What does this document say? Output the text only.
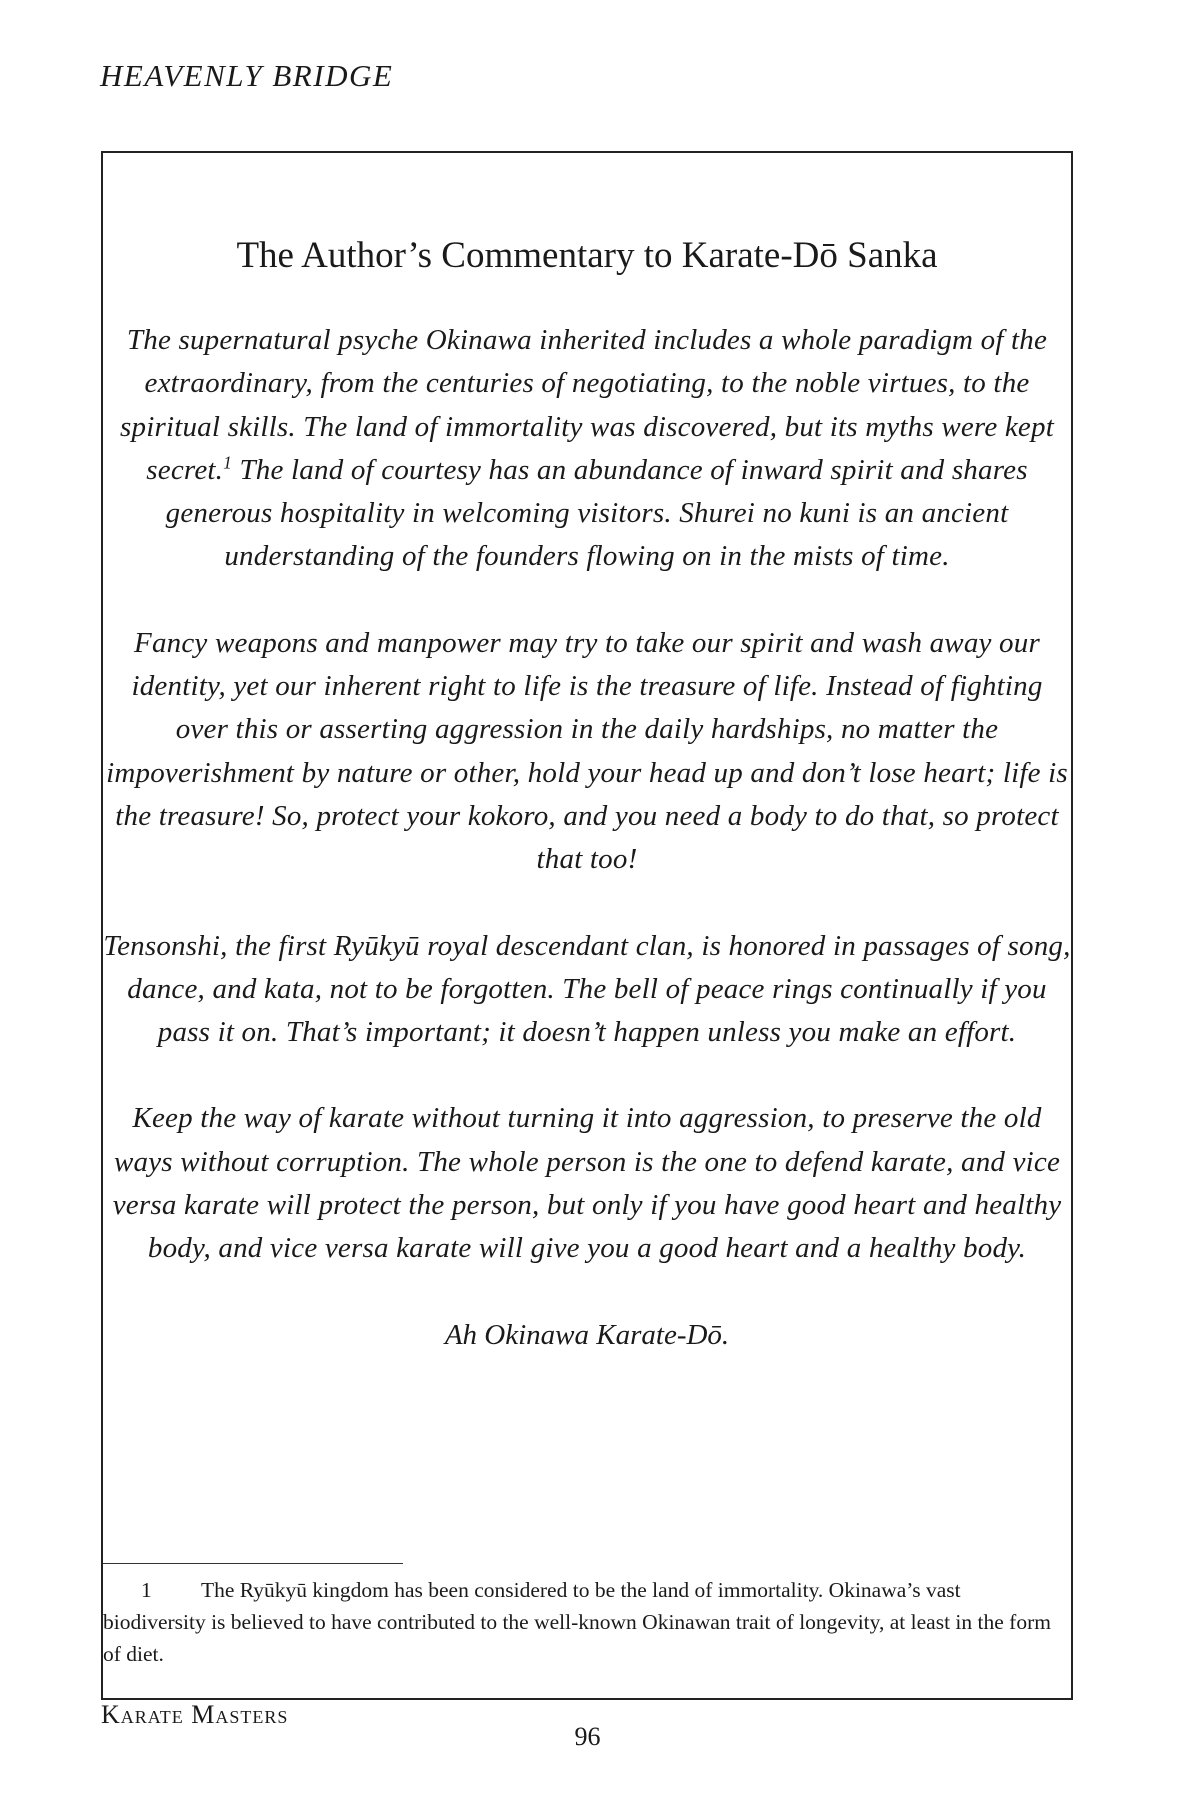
HEAVENLY BRIDGE
The Author’s Commentary to Karate-Dō Sanka

The supernatural psyche Okinawa inherited includes a whole paradigm of the extraordinary, from the centuries of negotiating, to the noble virtues, to the spiritual skills. The land of immortality was discovered, but its myths were kept secret.$^1$ The land of courtesy has an abundance of inward spirit and shares generous hospitality in welcoming visitors. Shurei no kuni is an ancient understanding of the founders flowing on in the mists of time.

Fancy weapons and manpower may try to take our spirit and wash away our identity, yet our inherent right to life is the treasure of life. Instead of fighting over this or asserting aggression in the daily hardships, no matter the impoverishment by nature or other, hold your head up and don’t lose heart; life is the treasure! So, protect your kokoro, and you need a body to do that, so protect that too!

Tensonshi, the first Ryūkyū royal descendant clan, is honored in passages of song, dance, and kata, not to be forgotten. The bell of peace rings continually if you pass it on. That’s important; it doesn’t happen unless you make an effort.

Keep the way of karate without turning it into aggression, to preserve the old ways without corruption. The whole person is the one to defend karate, and vice versa karate will protect the person, but only if you have good heart and healthy body, and vice versa karate will give you a good heart and a healthy body.

Ah Okinawa Karate-Dō.

1 The Ryūkyū kingdom has been considered to be the land of immortality. Okinawa’s vast biodiversity is believed to have contributed to the well-known Okinawan trait of longevity, at least in the form of diet.

Karate Masters
96
